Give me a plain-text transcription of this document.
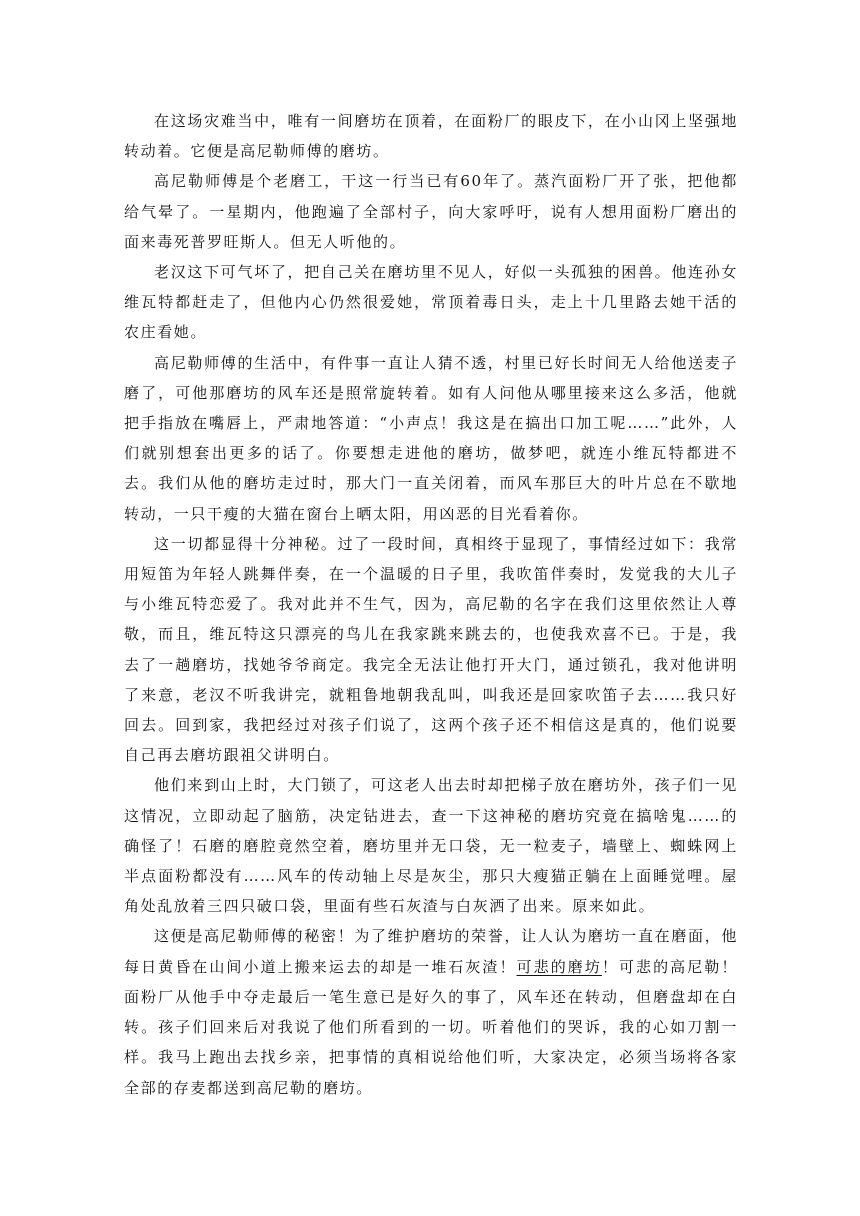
在这场灾难当中，唯有一间磨坊在顶着，在面粉厂的眼皮下，在小山冈上坚强地转动着。它便是高尼勒师傅的磨坊。

高尼勒师傅是个老磨工，干这一行当已有60年了。蒸汽面粉厂开了张，把他都给气晕了。一星期内，他跑遍了全部村子，向大家呼吁，说有人想用面粉厂磨出的面来毒死普罗旺斯人。但无人听他的。

老汉这下可气坏了，把自己关在磨坊里不见人，好似一头孤独的困兽。他连孙女维瓦特都赶走了，但他内心仍然很爱她，常顶着毒日头，走上十几里路去她干活的农庄看她。

高尼勒师傅的生活中，有件事一直让人猜不透，村里已好长时间无人给他送麦子磨了，可他那磨坊的风车还是照常旋转着。如有人问他从哪里接来这么多活，他就把手指放在嘴唇上，严肃地答道：“小声点！我这是在搞出口加工呢……”此外，人们就别想套出更多的话了。你要想走进他的磨坊，做梦吧，就连小维瓦特都进不去。我们从他的磨坊走过时，那大门一直关闭着，而风车那巨大的叶片总在不歇地转动，一只干瘦的大猫在窗台上晒太阳，用凶恶的目光看着你。

这一切都显得十分神秘。过了一段时间，真相终于显现了，事情经过如下：我常用短笛为年轻人跳舞伴奏，在一个温暖的日子里，我吹笛伴奏时，发觉我的大儿子与小维瓦特恋爱了。我对此并不生气，因为，高尼勒的名字在我们这里依然让人尊敬，而且，维瓦特这只漂亮的鸟儿在我家跳来跳去的，也使我欢喜不已。于是，我去了一趟磨坊，找她爷爷商定。我完全无法让他打开大门，通过锁孔，我对他讲明了来意，老汉不听我讲完，就粗鲁地朝我乱叫，叫我还是回家吹笛子去……我只好回去。回到家，我把经过对孩子们说了，这两个孩子还不相信这是真的，他们说要自己再去磨坊跟祖父讲明白。

他们来到山上时，大门锁了，可这老人出去时却把梯子放在磨坊外，孩子们一见这情况，立即动起了脑筋，决定钻进去，查一下这神秘的磨坊究竟在搞啥鬼……的确怪了！石磨的磨腔竟然空着，磨坊里并无口袋，无一粒麦子，墙壁上、蜘蛛网上半点面粉都没有……风车的传动轴上尽是灰尘，那只大瘦猫正躺在上面睡觉哩。屋角处乱放着三四只破口袋，里面有些石灰渣与白灰洒了出来。原来如此。

这便是高尼勒师傅的秘密！为了维护磨坊的荣誉，让人认为磨坊一直在磨面，他每日黄昏在山间小道上搬来运去的却是一堆石灰渣！可悲的磨坊！可悲的高尼勒！面粉厂从他手中夺走最后一笔生意已是好久的事了，风车还在转动，但磨盘却在白转。孩子们回来后对我说了他们所看到的一切。听着他们的哭诉，我的心如刀割一样。我马上跑出去找乡亲，把事情的真相说给他们听，大家决定，必须当场将各家全部的存麦都送到高尼勒的磨坊。
